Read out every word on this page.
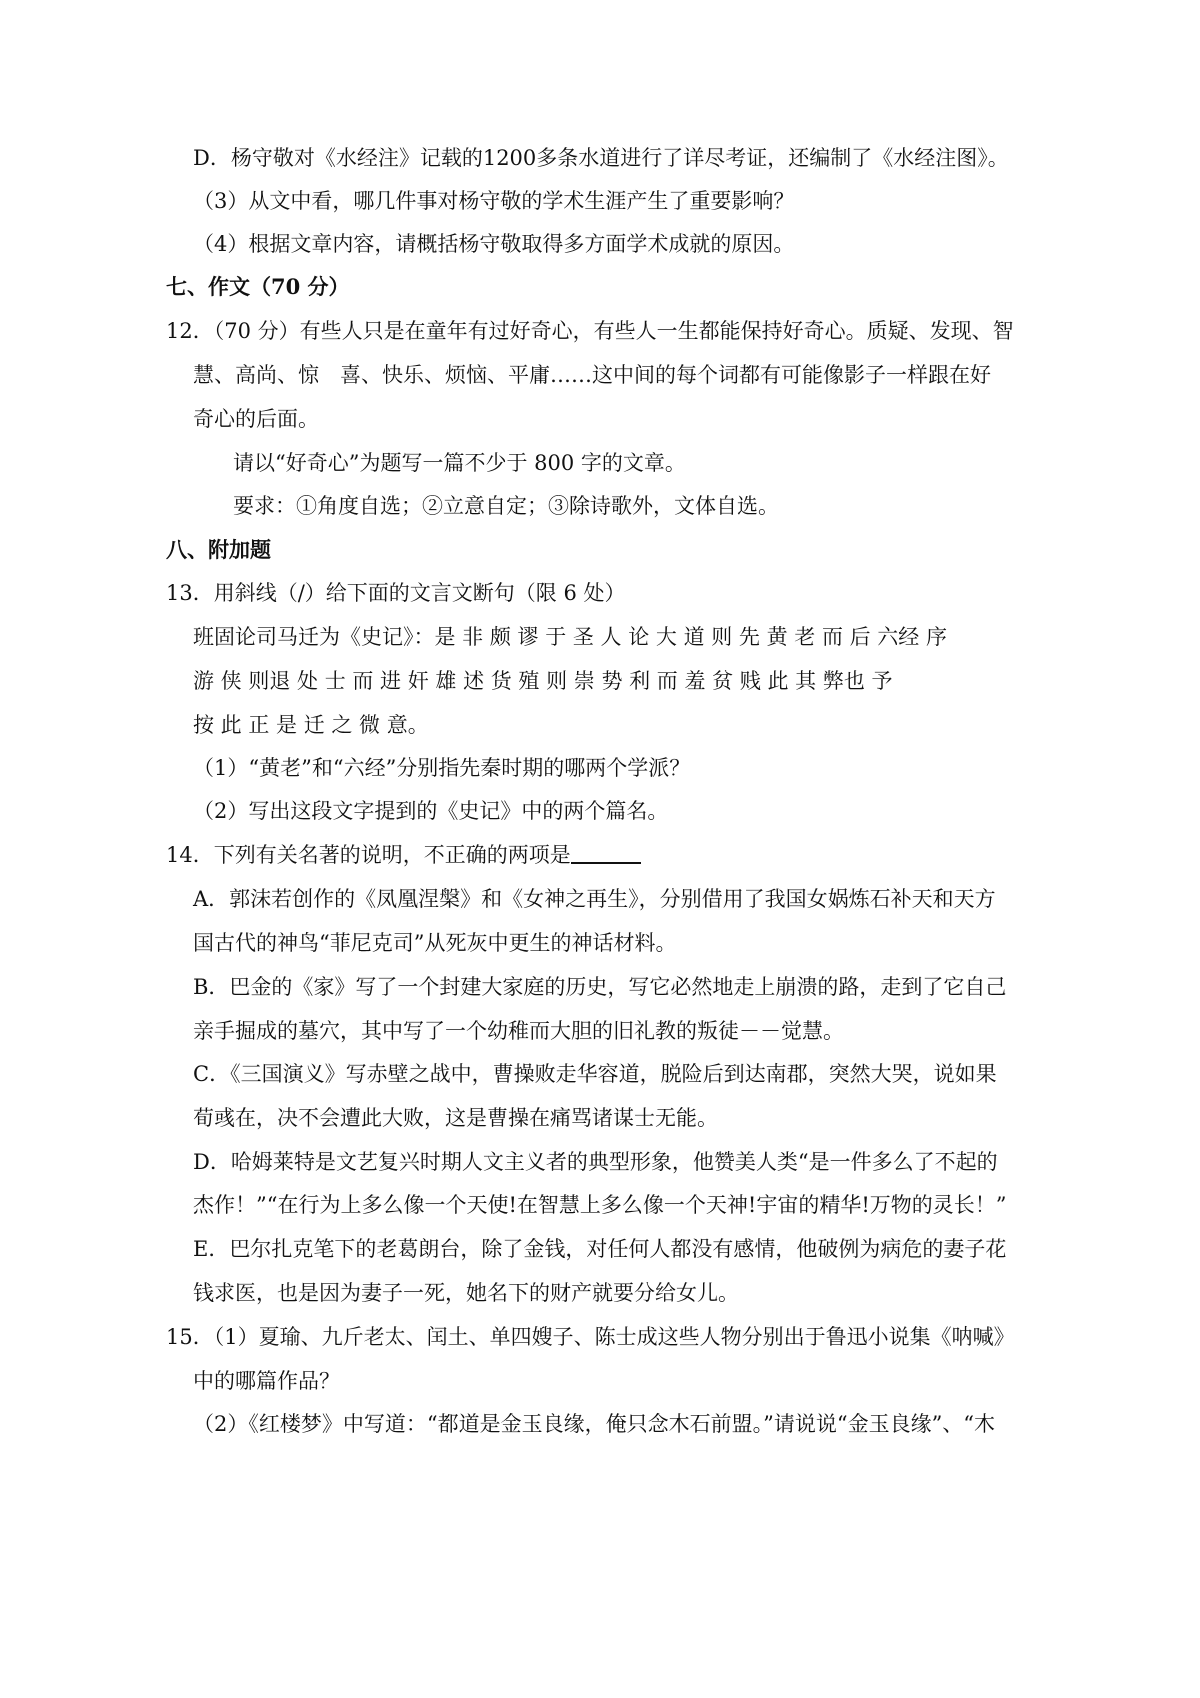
D．杨守敬对《水经注》记载的1200多条水道进行了详尽考证，还编制了《水经注图》。

（3）从文中看，哪几件事对杨守敬的学术生涯产生了重要影响？

（4）根据文章内容，请概括杨守敬取得多方面学术成就的原因。

七、作文（70 分）

12．（70 分）有些人只是在童年有过好奇心，有些人一生都能保持好奇心。质疑、发现、智

慧、高尚、惊　喜、快乐、烦恼、平庸……这中间的每个词都有可能像影子一样跟在好

奇心的后面。

请以“好奇心”为题写一篇不少于 800 字的文章。

要求：①角度自选；②立意自定；③除诗歌外，文体自选。

八、附加题

13．用斜线（/）给下面的文言文断句（限 6 处）

班固论司马迁为《史记》：是 非 颇 谬 于 圣 人 论 大 道 则 先 黄 老 而 后 六经 序

游 侠 则退 处 士 而 进 奸 雄 述 货 殖 则 崇 势 利 而 羞 贫 贱 此 其 弊也 予

按 此 正 是 迁 之 微 意。

（1）“黄老”和“六经”分别指先秦时期的哪两个学派？

（2）写出这段文字提到的《史记》中的两个篇名。

14．下列有关名著的说明，不正确的两项是

A．郭沫若创作的《凤凰涅槃》和《女神之再生》，分别借用了我国女娲炼石补天和天方

国古代的神鸟“菲尼克司”从死灰中更生的神话材料。

B．巴金的《家》写了一个封建大家庭的历史，写它必然地走上崩溃的路，走到了它自己

亲手掘成的墓穴，其中写了一个幼稚而大胆的旧礼教的叛徒－－觉慧。

C．《三国演义》写赤壁之战中，曹操败走华容道，脱险后到达南郡，突然大哭，说如果

荀彧在，决不会遭此大败，这是曹操在痛骂诸谋士无能。

D．哈姆莱特是文艺复兴时期人文主义者的典型形象，他赞美人类“是一件多么了不起的

杰作！”“在行为上多么像一个天使!在智慧上多么像一个天神!宇宙的精华!万物的灵长！”

E．巴尔扎克笔下的老葛朗台，除了金钱，对任何人都没有感情，他破例为病危的妻子花

钱求医，也是因为妻子一死，她名下的财产就要分给女儿。

15．（1）夏瑜、九斤老太、闰土、单四嫂子、陈士成这些人物分别出于鲁迅小说集《呐喊》

中的哪篇作品？

（2）《红楼梦》中写道：“都道是金玉良缘，俺只念木石前盟。”请说说“金玉良缘”、“木
